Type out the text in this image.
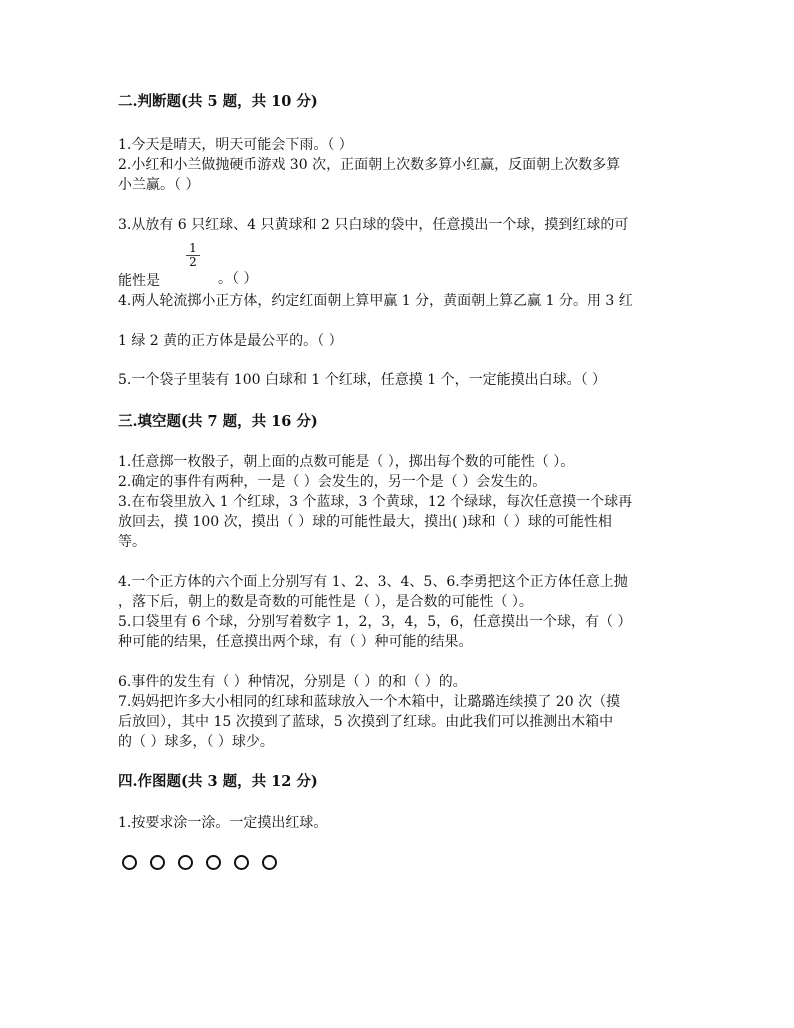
二.判断题(共 5 题，共 10 分)
1.今天是晴天，明天可能会下雨。（ ）
2.小红和小兰做抛硬币游戏 30 次，正面朝上次数多算小红赢，反面朝上次数多算
小兰赢。（ ）
3.从放有 6 只红球、4 只黄球和 2 只白球的袋中，任意摸出一个球，摸到红球的可
$\frac{1}{2}$
能性是	。（ ）
4.两人轮流掷小正方体，约定红面朝上算甲赢 1 分，黄面朝上算乙赢 1 分。用 3 红
1 绿 2 黄的正方体是最公平的。（ ）
5.一个袋子里装有 100 白球和 1 个红球，任意摸 1 个，一定能摸出白球。（ ）
三.填空题(共 7 题，共 16 分)
1.任意掷一枚骰子，朝上面的点数可能是（ ），掷出每个数的可能性（ ）。
2.确定的事件有两种，一是（ ）会发生的，另一个是（ ）会发生的。
3.在布袋里放入 1 个红球，3 个蓝球，3 个黄球，12 个绿球，每次任意摸一个球再
放回去，摸 100 次，摸出（ ）球的可能性最大，摸出( )球和（ ）球的可能性相
等。
4.一个正方体的六个面上分别写有 1、2、3、4、5、6.李勇把这个正方体任意上抛
，落下后，朝上的数是奇数的可能性是（ ），是合数的可能性（ ）。
5.口袋里有 6 个球，分别写着数字 1，2，3，4，5，6，任意摸出一个球，有（ ）
种可能的结果，任意摸出两个球，有（ ）种可能的结果。
6.事件的发生有（ ）种情况，分别是（ ）的和（ ）的。
7.妈妈把许多大小相同的红球和蓝球放入一个木箱中，让璐璐连续摸了 20 次（摸
后放回），其中 15 次摸到了蓝球，5 次摸到了红球。由此我们可以推测出木箱中
的（ ）球多，（ ）球少。
四.作图题(共 3 题，共 12 分)
1.按要求涂一涂。一定摸出红球。
